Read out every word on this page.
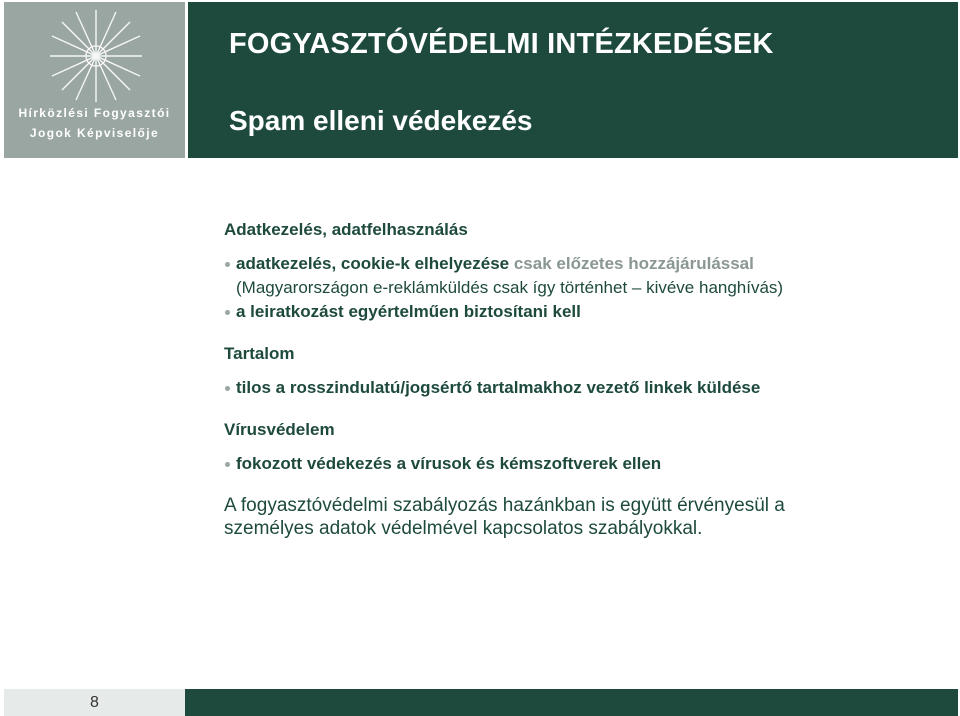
Hírközlési Fogyasztói
Jogok Képviselője
FOGYASZTÓVÉDELMI INTÉZKEDÉSEK
Spam elleni védekezés
Adatkezelés, adatfelhasználás
adatkezelés, cookie-k elhelyezése csak előzetes hozzájárulással
(Magyarországon e-reklámküldés csak így történhet – kivéve hanghívás)
a leiratkozást egyértelműen biztosítani kell
Tartalom
tilos a rosszindulatú/jogsértő tartalmakhoz vezető linkek küldése
Vírusvédelem
fokozott védekezés a vírusok és kémszoftverek ellen
A fogyasztóvédelmi szabályozás hazánkban is együtt érvényesül a
személyes adatok védelmével kapcsolatos szabályokkal.
8
